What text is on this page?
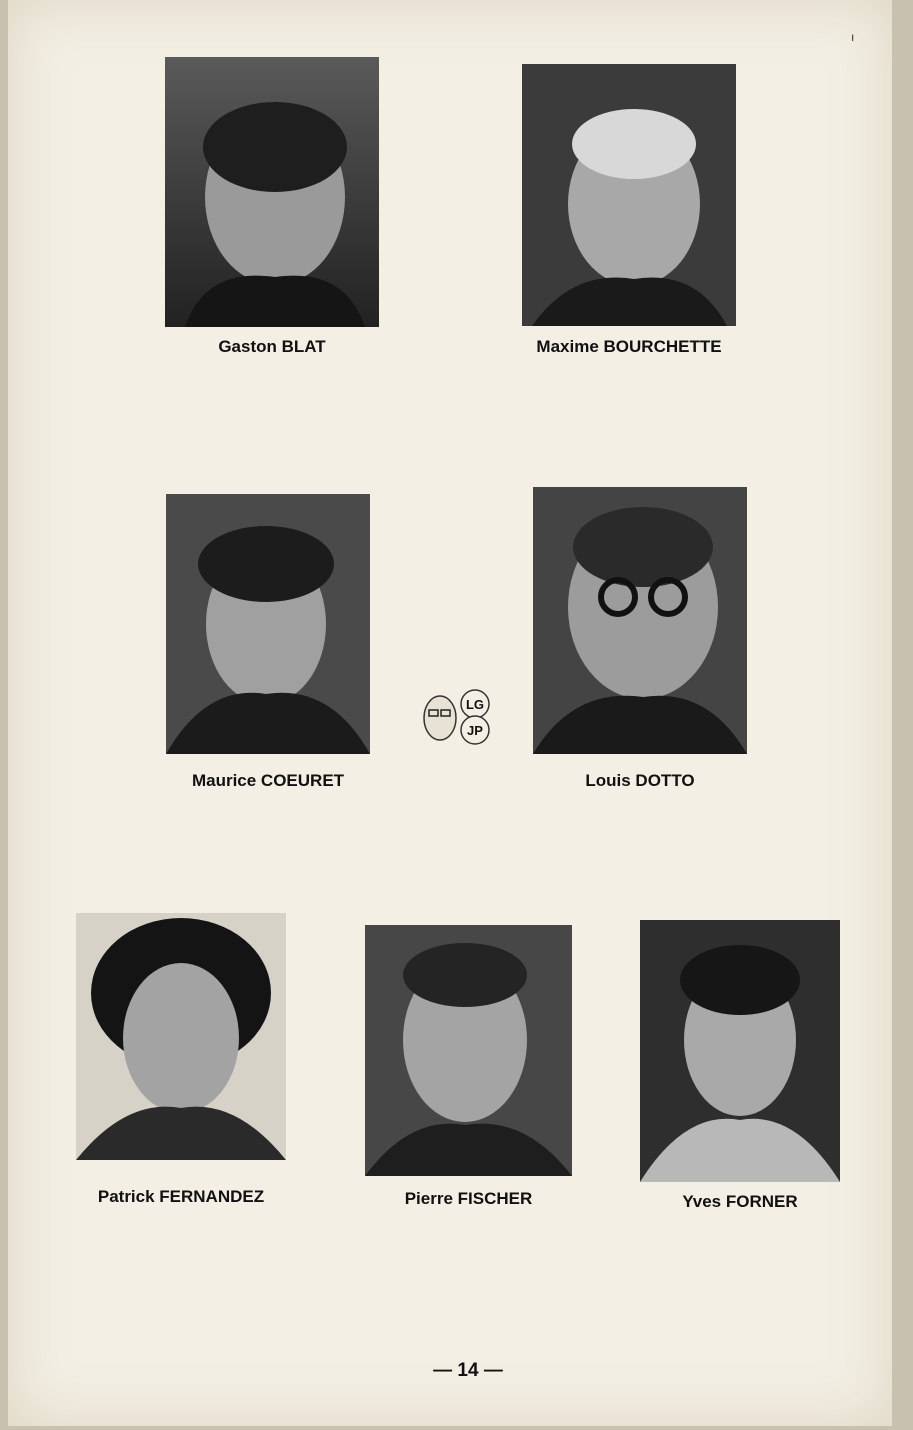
ı
Gaston BLAT	Maxime BOURCHETTE
Maurice COEURET	Louis DOTTO
LG
JP
Patrick FERNANDEZ	Pierre FISCHER	Yves FORNER
— 14 —
